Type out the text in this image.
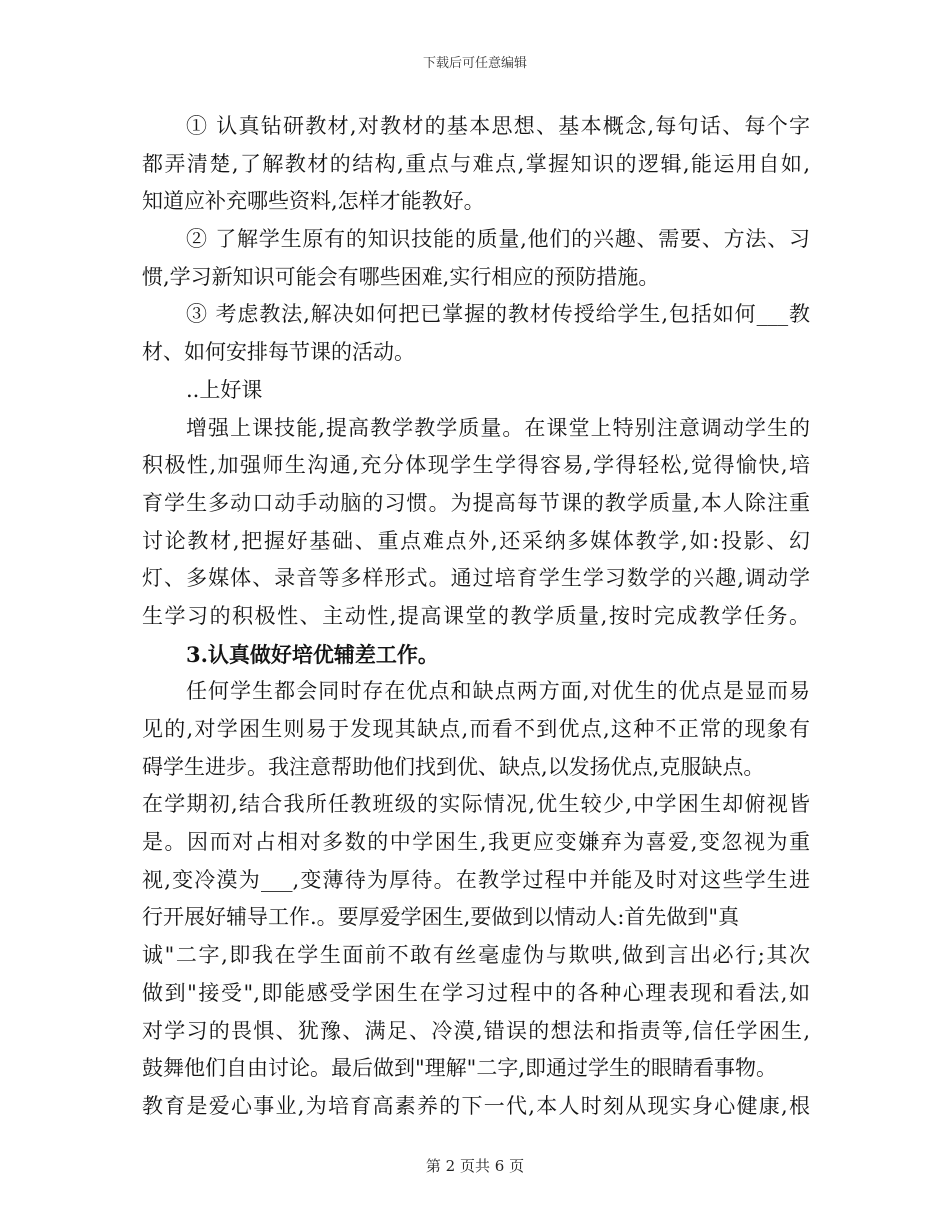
下载后可任意编辑
① 认真钻研教材,对教材的基本思想、基本概念,每句话、每个字
都弄清楚,了解教材的结构,重点与难点,掌握知识的逻辑,能运用自如,
知道应补充哪些资料,怎样才能教好。
② 了解学生原有的知识技能的质量,他们的兴趣、需要、方法、习
惯,学习新知识可能会有哪些困难,实行相应的预防措施。
③ 考虑教法,解决如何把已掌握的教材传授给学生,包括如何___教
材、如何安排每节课的活动。
..上好课
增强上课技能,提高教学教学质量。在课堂上特别注意调动学生的
积极性,加强师生沟通,充分体现学生学得容易,学得轻松,觉得愉快,培
育学生多动口动手动脑的习惯。为提高每节课的教学质量,本人除注重
讨论教材,把握好基础、重点难点外,还采纳多媒体教学,如:投影、幻
灯、多媒体、录音等多样形式。通过培育学生学习数学的兴趣,调动学
生学习的积极性、主动性,提高课堂的教学质量,按时完成教学任务。
3.认真做好培优辅差工作。
任何学生都会同时存在优点和缺点两方面,对优生的优点是显而易
见的,对学困生则易于发现其缺点,而看不到优点,这种不正常的现象有
碍学生进步。我注意帮助他们找到优、缺点,以发扬优点,克服缺点。
在学期初,结合我所任教班级的实际情况,优生较少,中学困生却俯视皆
是。因而对占相对多数的中学困生,我更应变嫌弃为喜爱,变忽视为重
视,变冷漠为___,变薄待为厚待。在教学过程中并能及时对这些学生进
行开展好辅导工作.。要厚爱学困生,要做到以情动人:首先做到"真
诚"二字,即我在学生面前不敢有丝毫虚伪与欺哄,做到言出必行;其次
做到"接受",即能感受学困生在学习过程中的各种心理表现和看法,如
对学习的畏惧、犹豫、满足、冷漠,错误的想法和指责等,信任学困生,
鼓舞他们自由讨论。最后做到"理解"二字,即通过学生的眼睛看事物。
教育是爱心事业,为培育高素养的下一代,本人时刻从现实身心健康,根
第 2 页共 6 页
